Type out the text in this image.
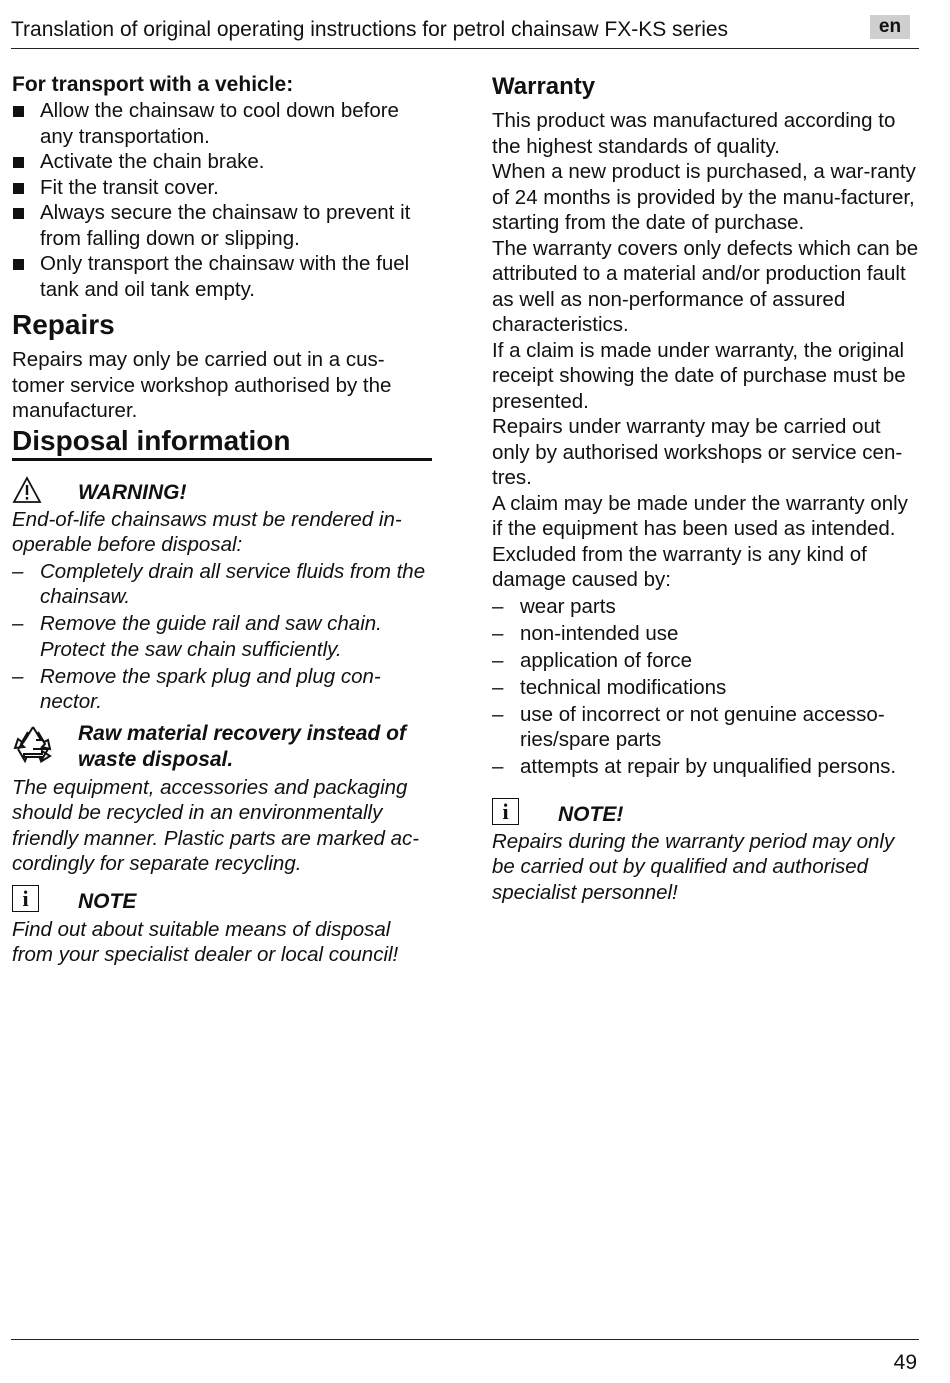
Translation of original operating instructions for petrol chainsaw FX-KS series	en

For transport with a vehicle:

Allow the chainsaw to cool down before any transportation.
Activate the chain brake.
Fit the transit cover.
Always secure the chainsaw to prevent it from falling down or slipping.
Only transport the chainsaw with the fuel tank and oil tank empty.

Repairs

Repairs may only be carried out in a cus-tomer service workshop authorised by the manufacturer.

Disposal information

WARNING!

End-of-life chainsaws must be rendered in-operable before disposal:

– Completely drain all service fluids from the chainsaw.
– Remove the guide rail and saw chain. Protect the saw chain sufficiently.
– Remove the spark plug and plug con-nector.
Raw material recovery instead of waste disposal.

The equipment, accessories and packaging should be recycled in an environmentally friendly manner. Plastic parts are marked ac-cordingly for separate recycling.

i	NOTE

Find out about suitable means of disposal from your specialist dealer or local council!

Warranty

This product was manufactured according to the highest standards of quality.

When a new product is purchased, a war-ranty of 24 months is provided by the manu-facturer, starting from the date of purchase.

The warranty covers only defects which can be attributed to a material and/or production fault as well as non-performance of assured characteristics.

If a claim is made under warranty, the original receipt showing the date of purchase must be presented.

Repairs under warranty may be carried out only by authorised workshops or service cen-tres.

A claim may be made under the warranty only if the equipment has been used as intended.

Excluded from the warranty is any kind of damage caused by:

– wear parts
– non-intended use
– application of force
– technical modifications
– use of incorrect or not genuine accesso-ries/spare parts
– attempts at repair by unqualified persons.
i	NOTE!

Repairs during the warranty period may only be carried out by qualified and authorised specialist personnel!

49
